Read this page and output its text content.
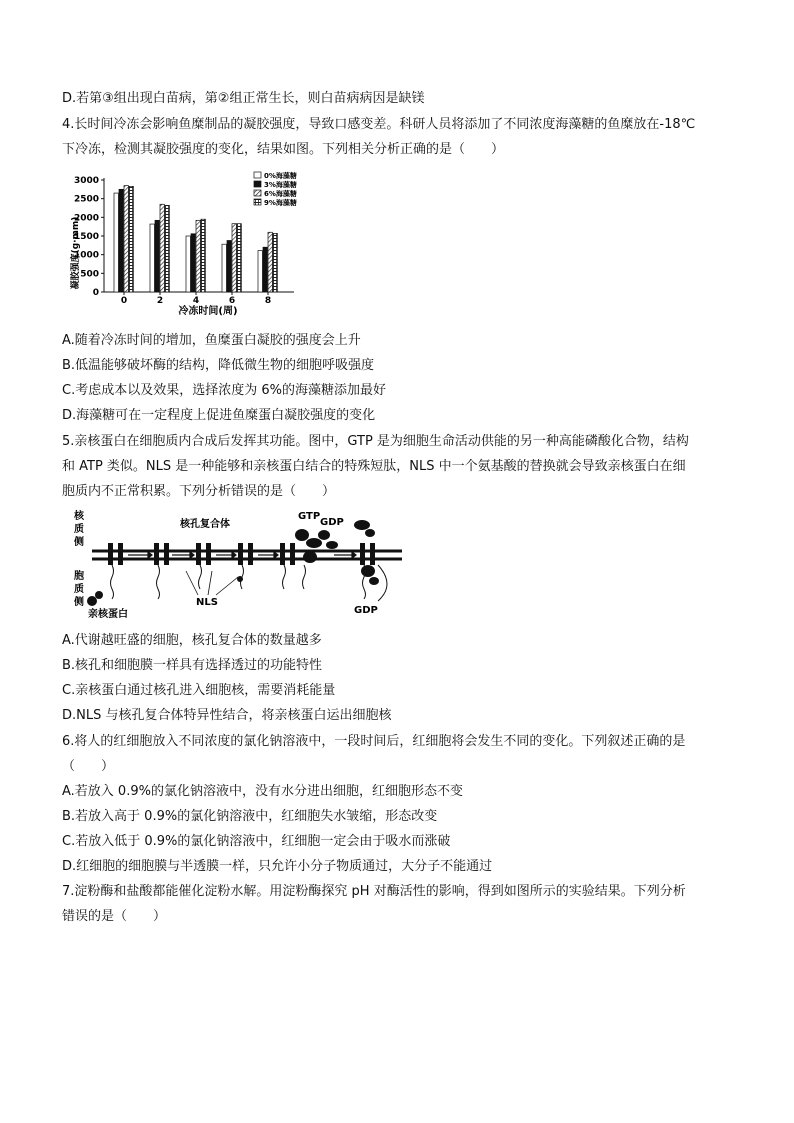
D.若第③组出现白苗病，第②组正常生长，则白苗病病因是缺镁
4.长时间冷冻会影响鱼糜制品的凝胶强度，导致口感变差。科研人员将添加了不同浓度海藻糖的鱼糜放在-18℃
下冷冻，检测其凝胶强度的变化，结果如图。下列相关分析正确的是（　　）
0
500
1000
1500
2000
2500
3000
0	2	4	6	8
0%海藻糖
3%海藻糖
6%海藻糖
9%海藻糖
凝胶强度(g·mm)
冷冻时间(周)
A.随着冷冻时间的增加，鱼糜蛋白凝胶的强度会上升
B.低温能够破坏酶的结构，降低微生物的细胞呼吸强度
C.考虑成本以及效果，选择浓度为 6%的海藻糖添加最好
D.海藻糖可在一定程度上促进鱼糜蛋白凝胶强度的变化
5.亲核蛋白在细胞质内合成后发挥其功能。图中，GTP 是为细胞生命活动供能的另一种高能磷酸化合物，结构
和 ATP 类似。NLS 是一种能够和亲核蛋白结合的特殊短肽，NLS 中一个氨基酸的替换就会导致亲核蛋白在细
胞质内不正常积累。下列分析错误的是（　　）
核
质
侧
胞
质
侧
核孔复合体
GTP
GDP
NLS
亲核蛋白	GDP
A.代谢越旺盛的细胞，核孔复合体的数量越多
B.核孔和细胞膜一样具有选择透过的功能特性
C.亲核蛋白通过核孔进入细胞核，需要消耗能量
D.NLS 与核孔复合体特异性结合，将亲核蛋白运出细胞核
6.将人的红细胞放入不同浓度的氯化钠溶液中，一段时间后，红细胞将会发生不同的变化。下列叙述正确的是
（　　）
A.若放入 0.9%的氯化钠溶液中，没有水分进出细胞，红细胞形态不变
B.若放入高于 0.9%的氯化钠溶液中，红细胞失水皱缩，形态改变
C.若放入低于 0.9%的氯化钠溶液中，红细胞一定会由于吸水而涨破
D.红细胞的细胞膜与半透膜一样，只允许小分子物质通过，大分子不能通过
7.淀粉酶和盐酸都能催化淀粉水解。用淀粉酶探究 pH 对酶活性的影响，得到如图所示的实验结果。下列分析
错误的是（　　）
